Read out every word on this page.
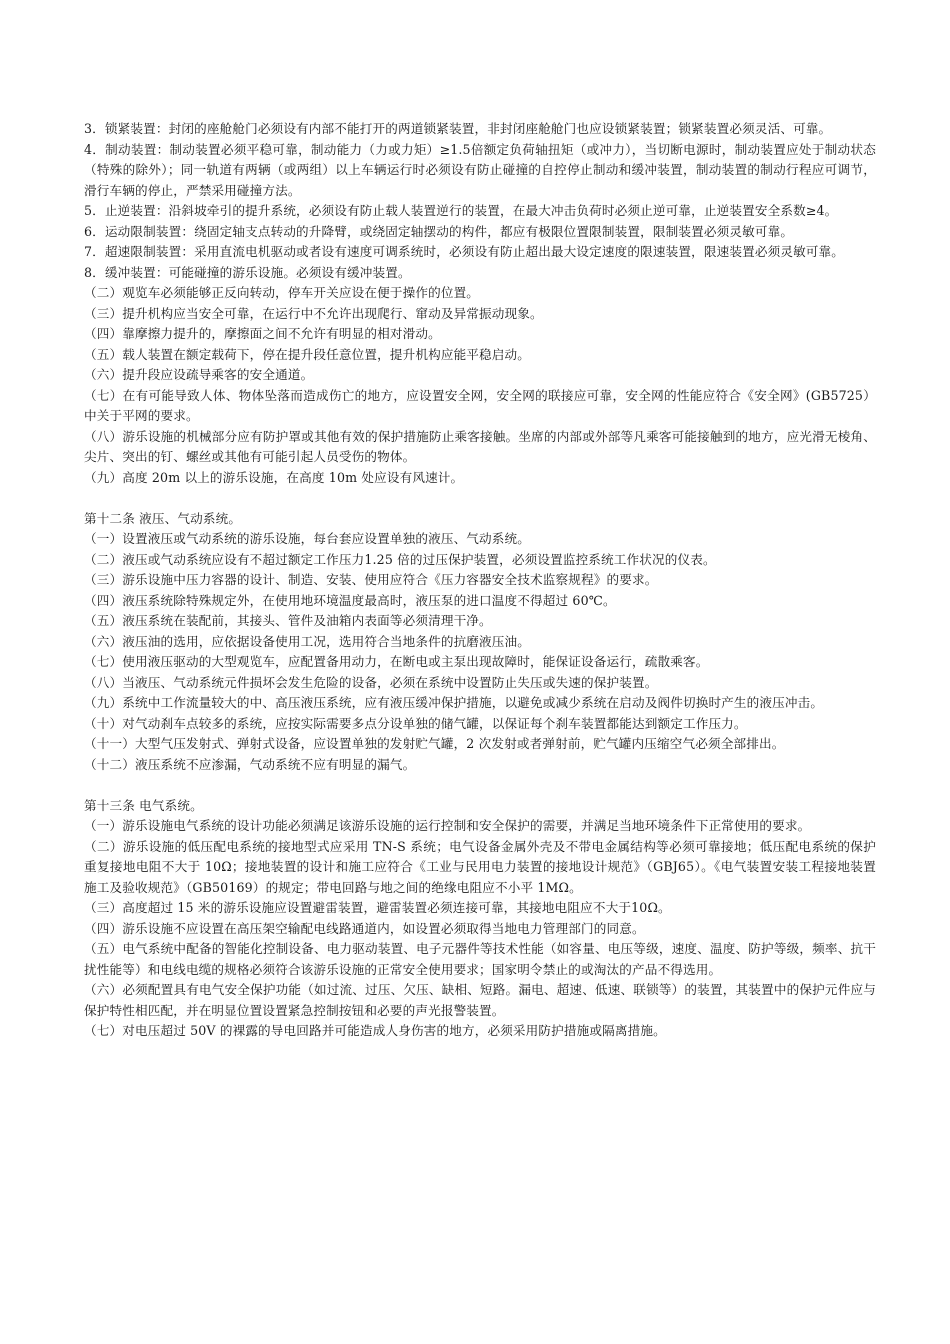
3．锁紧装置：封闭的座舱舱门必须设有内部不能打开的两道锁紧装置，非封闭座舱舱门也应设锁紧装置；锁紧装置必须灵活、可靠。

4．制动装置：制动装置必须平稳可靠，制动能力（力或力矩）≥1.5倍额定负荷轴扭矩（或冲力），当切断电源时，制动装置应处于制动状态（特殊的除外）；同一轨道有两辆（或两组）以上车辆运行时必须设有防止碰撞的自控停止制动和缓冲装置，制动装置的制动行程应可调节，滑行车辆的停止，严禁采用碰撞方法。

5．止逆装置：沿斜坡牵引的提升系统，必须设有防止载人装置逆行的装置，在最大冲击负荷时必须止逆可靠，止逆装置安全系数≥4。

6．运动限制装置：绕固定轴支点转动的升降臂，或绕固定轴摆动的构件，都应有极限位置限制装置，限制装置必须灵敏可靠。

7．超速限制装置：采用直流电机驱动或者设有速度可调系统时，必须设有防止超出最大设定速度的限速装置，限速装置必须灵敏可靠。

8．缓冲装置：可能碰撞的游乐设施。必须设有缓冲装置。

（二）观览车必须能够正反向转动，停车开关应设在便于操作的位置。

（三）提升机构应当安全可靠，在运行中不允许出现爬行、窜动及异常振动现象。

（四）靠摩擦力提升的，摩擦面之间不允许有明显的相对滑动。

（五）载人装置在额定载荷下，停在提升段任意位置，提升机构应能平稳启动。

（六）提升段应设疏导乘客的安全通道。

（七）在有可能导致人体、物体坠落而造成伤亡的地方，应设置安全网，安全网的联接应可靠，安全网的性能应符合《安全网》(GB5725）中关于平网的要求。

（八）游乐设施的机械部分应有防护罩或其他有效的保护措施防止乘客接触。坐席的内部或外部等凡乘客可能接触到的地方，应光滑无棱角、尖片、突出的钉、螺丝或其他有可能引起人员受伤的物体。

（九）高度 20m 以上的游乐设施，在高度 10m 处应设有风速计。

第十二条 液压、气动系统。

（一）设置液压或气动系统的游乐设施，每台套应设置单独的液压、气动系统。

（二）液压或气动系统应设有不超过额定工作压力1.25 倍的过压保护装置，必须设置监控系统工作状况的仪表。

（三）游乐设施中压力容器的设计、制造、安装、使用应符合《压力容器安全技术监察规程》的要求。

（四）液压系统除特殊规定外，在使用地环境温度最高时，液压泵的进口温度不得超过 60℃。

（五）液压系统在装配前，其接头、管件及油箱内表面等必须清理干净。

（六）液压油的选用，应依据设备使用工况，选用符合当地条件的抗磨液压油。

（七）使用液压驱动的大型观览车，应配置备用动力，在断电或主泵出现故障时，能保证设备运行，疏散乘客。

（八）当液压、气动系统元件损坏会发生危险的设备，必须在系统中设置防止失压或失速的保护装置。

（九）系统中工作流量较大的中、高压液压系统，应有液压缓冲保护措施，以避免或减少系统在启动及阀件切换时产生的液压冲击。

（十）对气动刹车点较多的系统，应按实际需要多点分设单独的储气罐，以保证每个刹车装置都能达到额定工作压力。

（十一）大型气压发射式、弹射式设备，应设置单独的发射贮气罐，2 次发射或者弹射前，贮气罐内压缩空气必须全部排出。

（十二）液压系统不应渗漏，气动系统不应有明显的漏气。

第十三条 电气系统。

（一）游乐设施电气系统的设计功能必须满足该游乐设施的运行控制和安全保护的需要，并满足当地环境条件下正常使用的要求。

（二）游乐设施的低压配电系统的接地型式应采用 TN-S 系统；电气设备金属外壳及不带电金属结构等必须可靠接地；低压配电系统的保护重复接地电阻不大于 10Ω；接地装置的设计和施工应符合《工业与民用电力装置的接地设计规范》（GBJ65）。《电气装置安装工程接地装置施工及验收规范》（GB50169）的规定；带电回路与地之间的绝缘电阻应不小平 1MΩ。

（三）高度超过 15 米的游乐设施应设置避雷装置，避雷装置必须连接可靠，其接地电阻应不大于10Ω。

（四）游乐设施不应设置在高压架空输配电线路通道内，如设置必须取得当地电力管理部门的同意。

（五）电气系统中配备的智能化控制设备、电力驱动装置、电子元器件等技术性能（如容量、电压等级，速度、温度、防护等级，频率、抗干扰性能等）和电线电缆的规格必须符合该游乐设施的正常安全使用要求；国家明令禁止的或淘汰的产品不得选用。

（六）必须配置具有电气安全保护功能（如过流、过压、欠压、缺相、短路。漏电、超速、低速、联锁等）的装置，其装置中的保护元件应与保护特性相匹配，并在明显位置设置紧急控制按钮和必要的声光报警装置。

（七）对电压超过 50V 的裸露的导电回路并可能造成人身伤害的地方，必须采用防护措施或隔离措施。
